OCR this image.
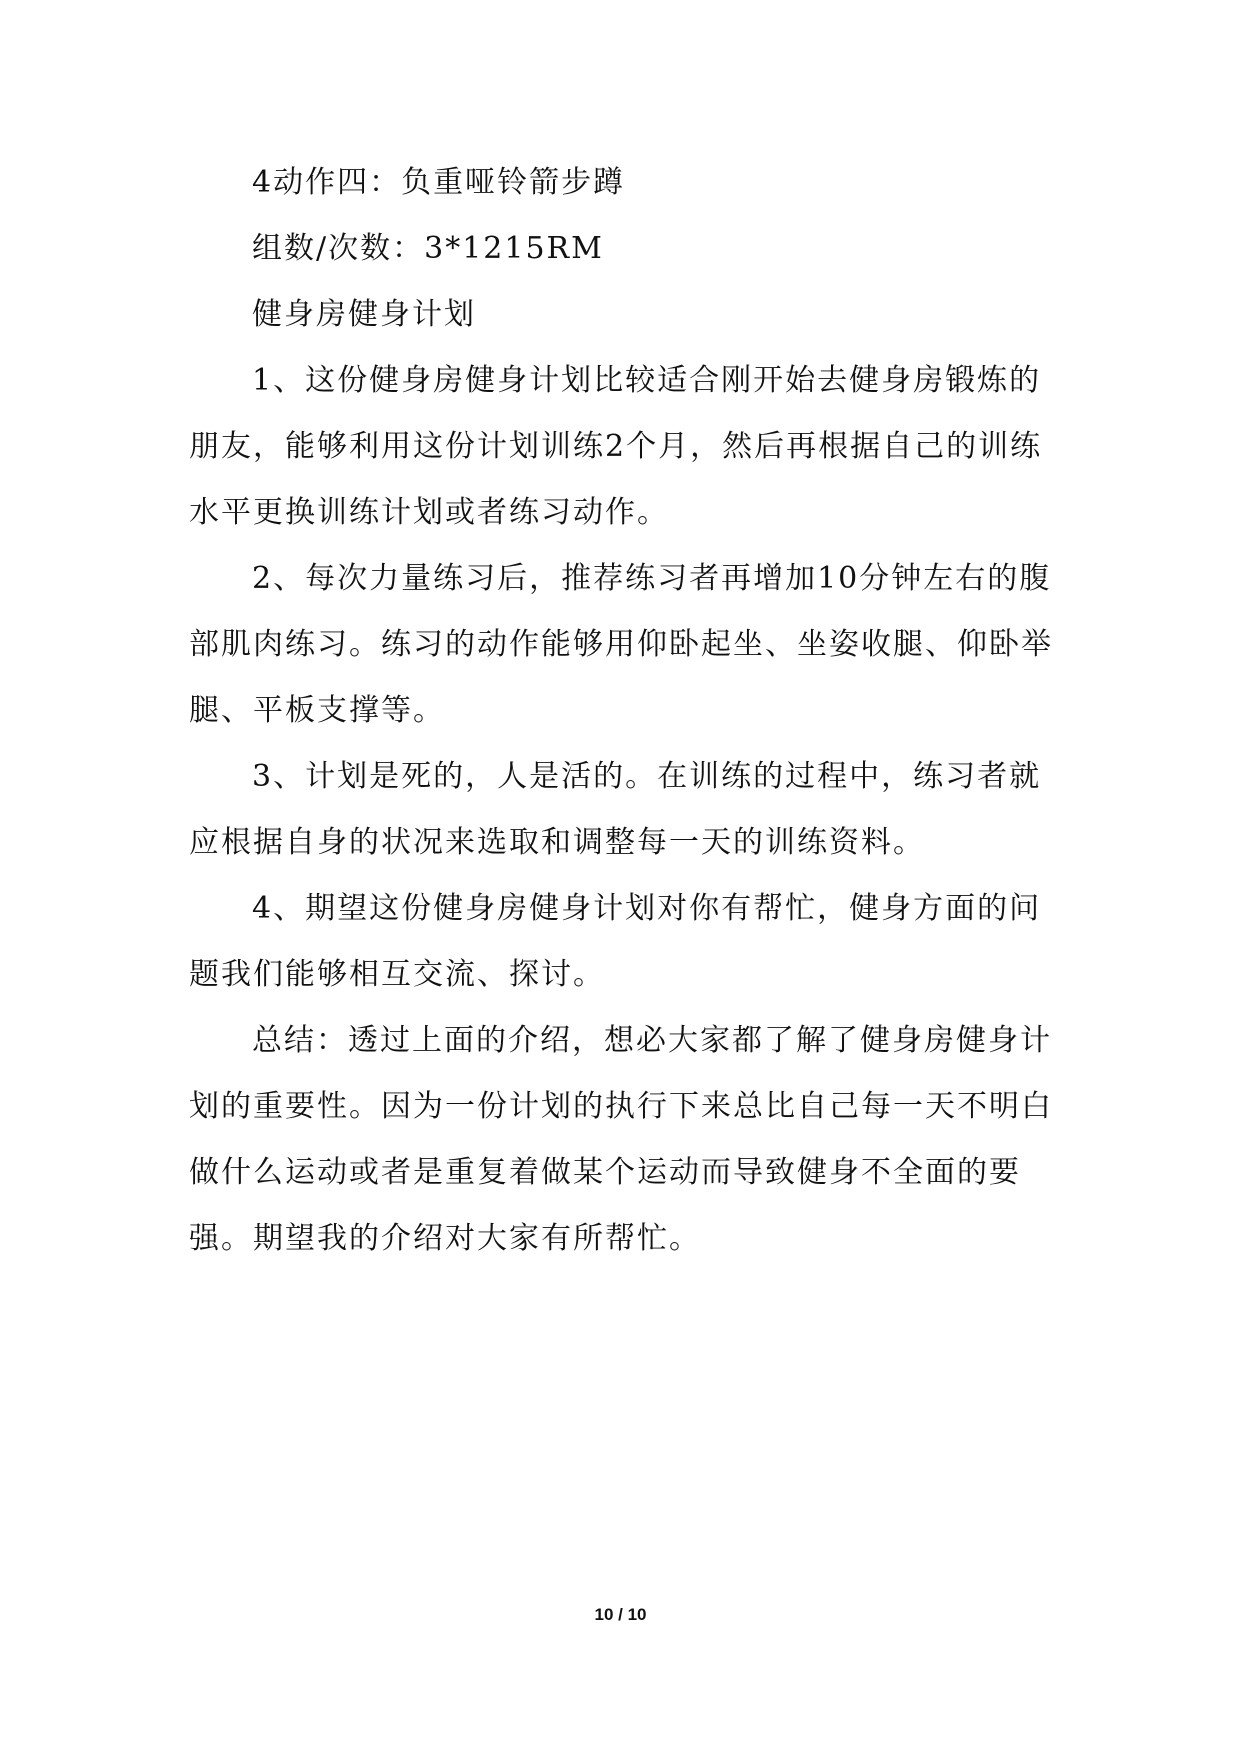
4动作四：负重哑铃箭步蹲

组数/次数：3*1215RM

健身房健身计划

1、这份健身房健身计划比较适合刚开始去健身房锻炼的朋友，能够利用这份计划训练2个月，然后再根据自己的训练水平更换训练计划或者练习动作。

2、每次力量练习后，推荐练习者再增加10分钟左右的腹部肌肉练习。练习的动作能够用仰卧起坐、坐姿收腿、仰卧举腿、平板支撑等。

3、计划是死的，人是活的。在训练的过程中，练习者就应根据自身的状况来选取和调整每一天的训练资料。

4、期望这份健身房健身计划对你有帮忙，健身方面的问题我们能够相互交流、探讨。

总结：透过上面的介绍，想必大家都了解了健身房健身计划的重要性。因为一份计划的执行下来总比自己每一天不明白做什么运动或者是重复着做某个运动而导致健身不全面的要强。期望我的介绍对大家有所帮忙。

10 / 10
